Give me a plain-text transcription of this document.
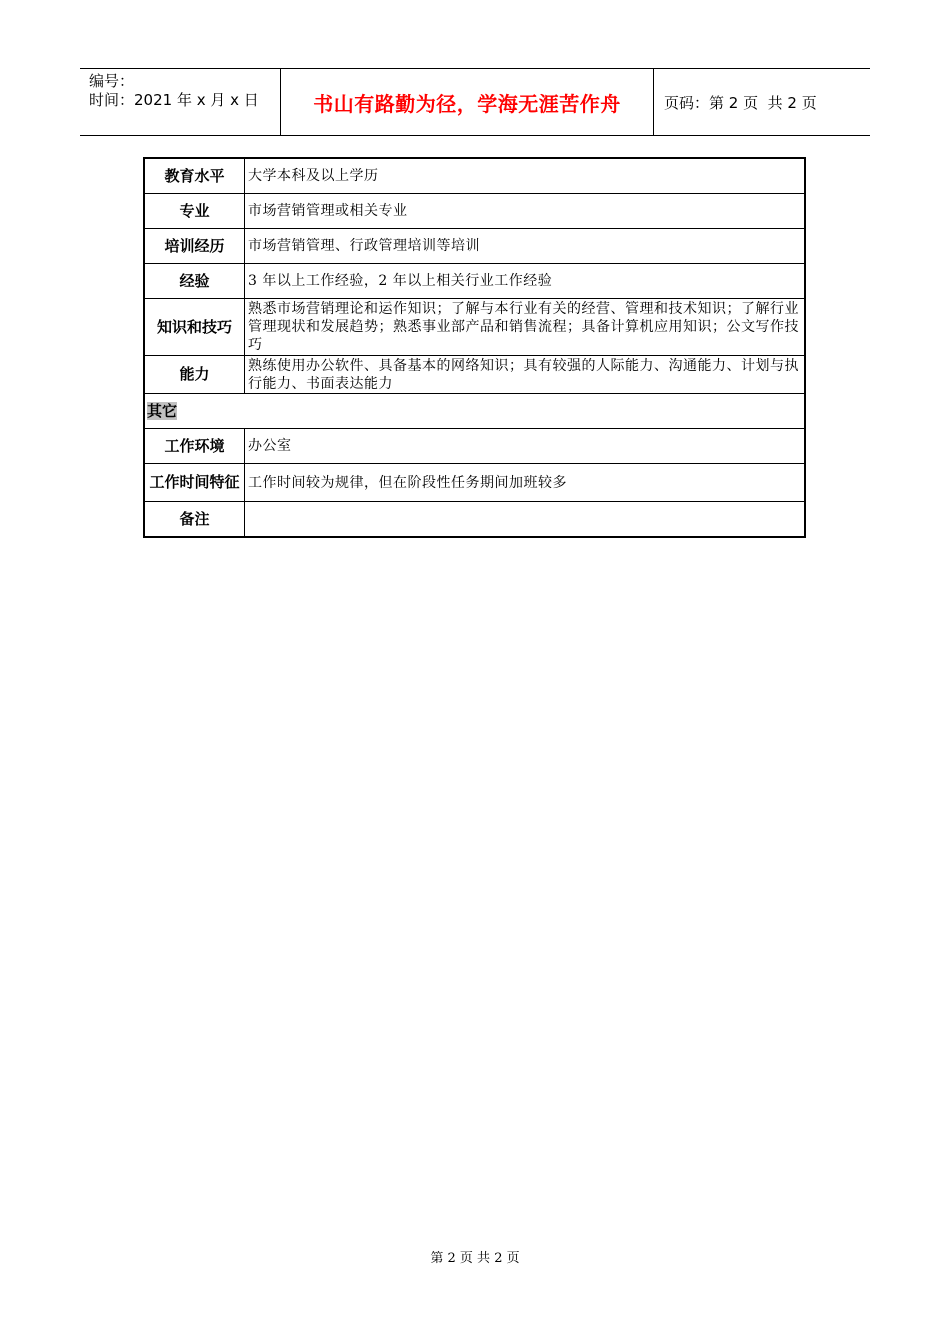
编号：
时间：2021 年 x 月 x 日	书山有路勤为径，学海无涯苦作舟	页码：第 2 页  共 2 页
教育水平	大学本科及以上学历
专业	市场营销管理或相关专业
培训经历	市场营销管理、行政管理培训等培训
经验	3 年以上工作经验，2 年以上相关行业工作经验
知识和技巧	熟悉市场营销理论和运作知识；了解与本行业有关的经营、管理和技术知识；了解行业管理现状和发展趋势；熟悉事业部产品和销售流程；具备计算机应用知识；公文写作技巧
能力	熟练使用办公软件、具备基本的网络知识；具有较强的人际能力、沟通能力、计划与执行能力、书面表达能力
其它	
工作环境	办公室
工作时间特征	工作时间较为规律，但在阶段性任务期间加班较多
备注	
第 2 页 共 2 页
